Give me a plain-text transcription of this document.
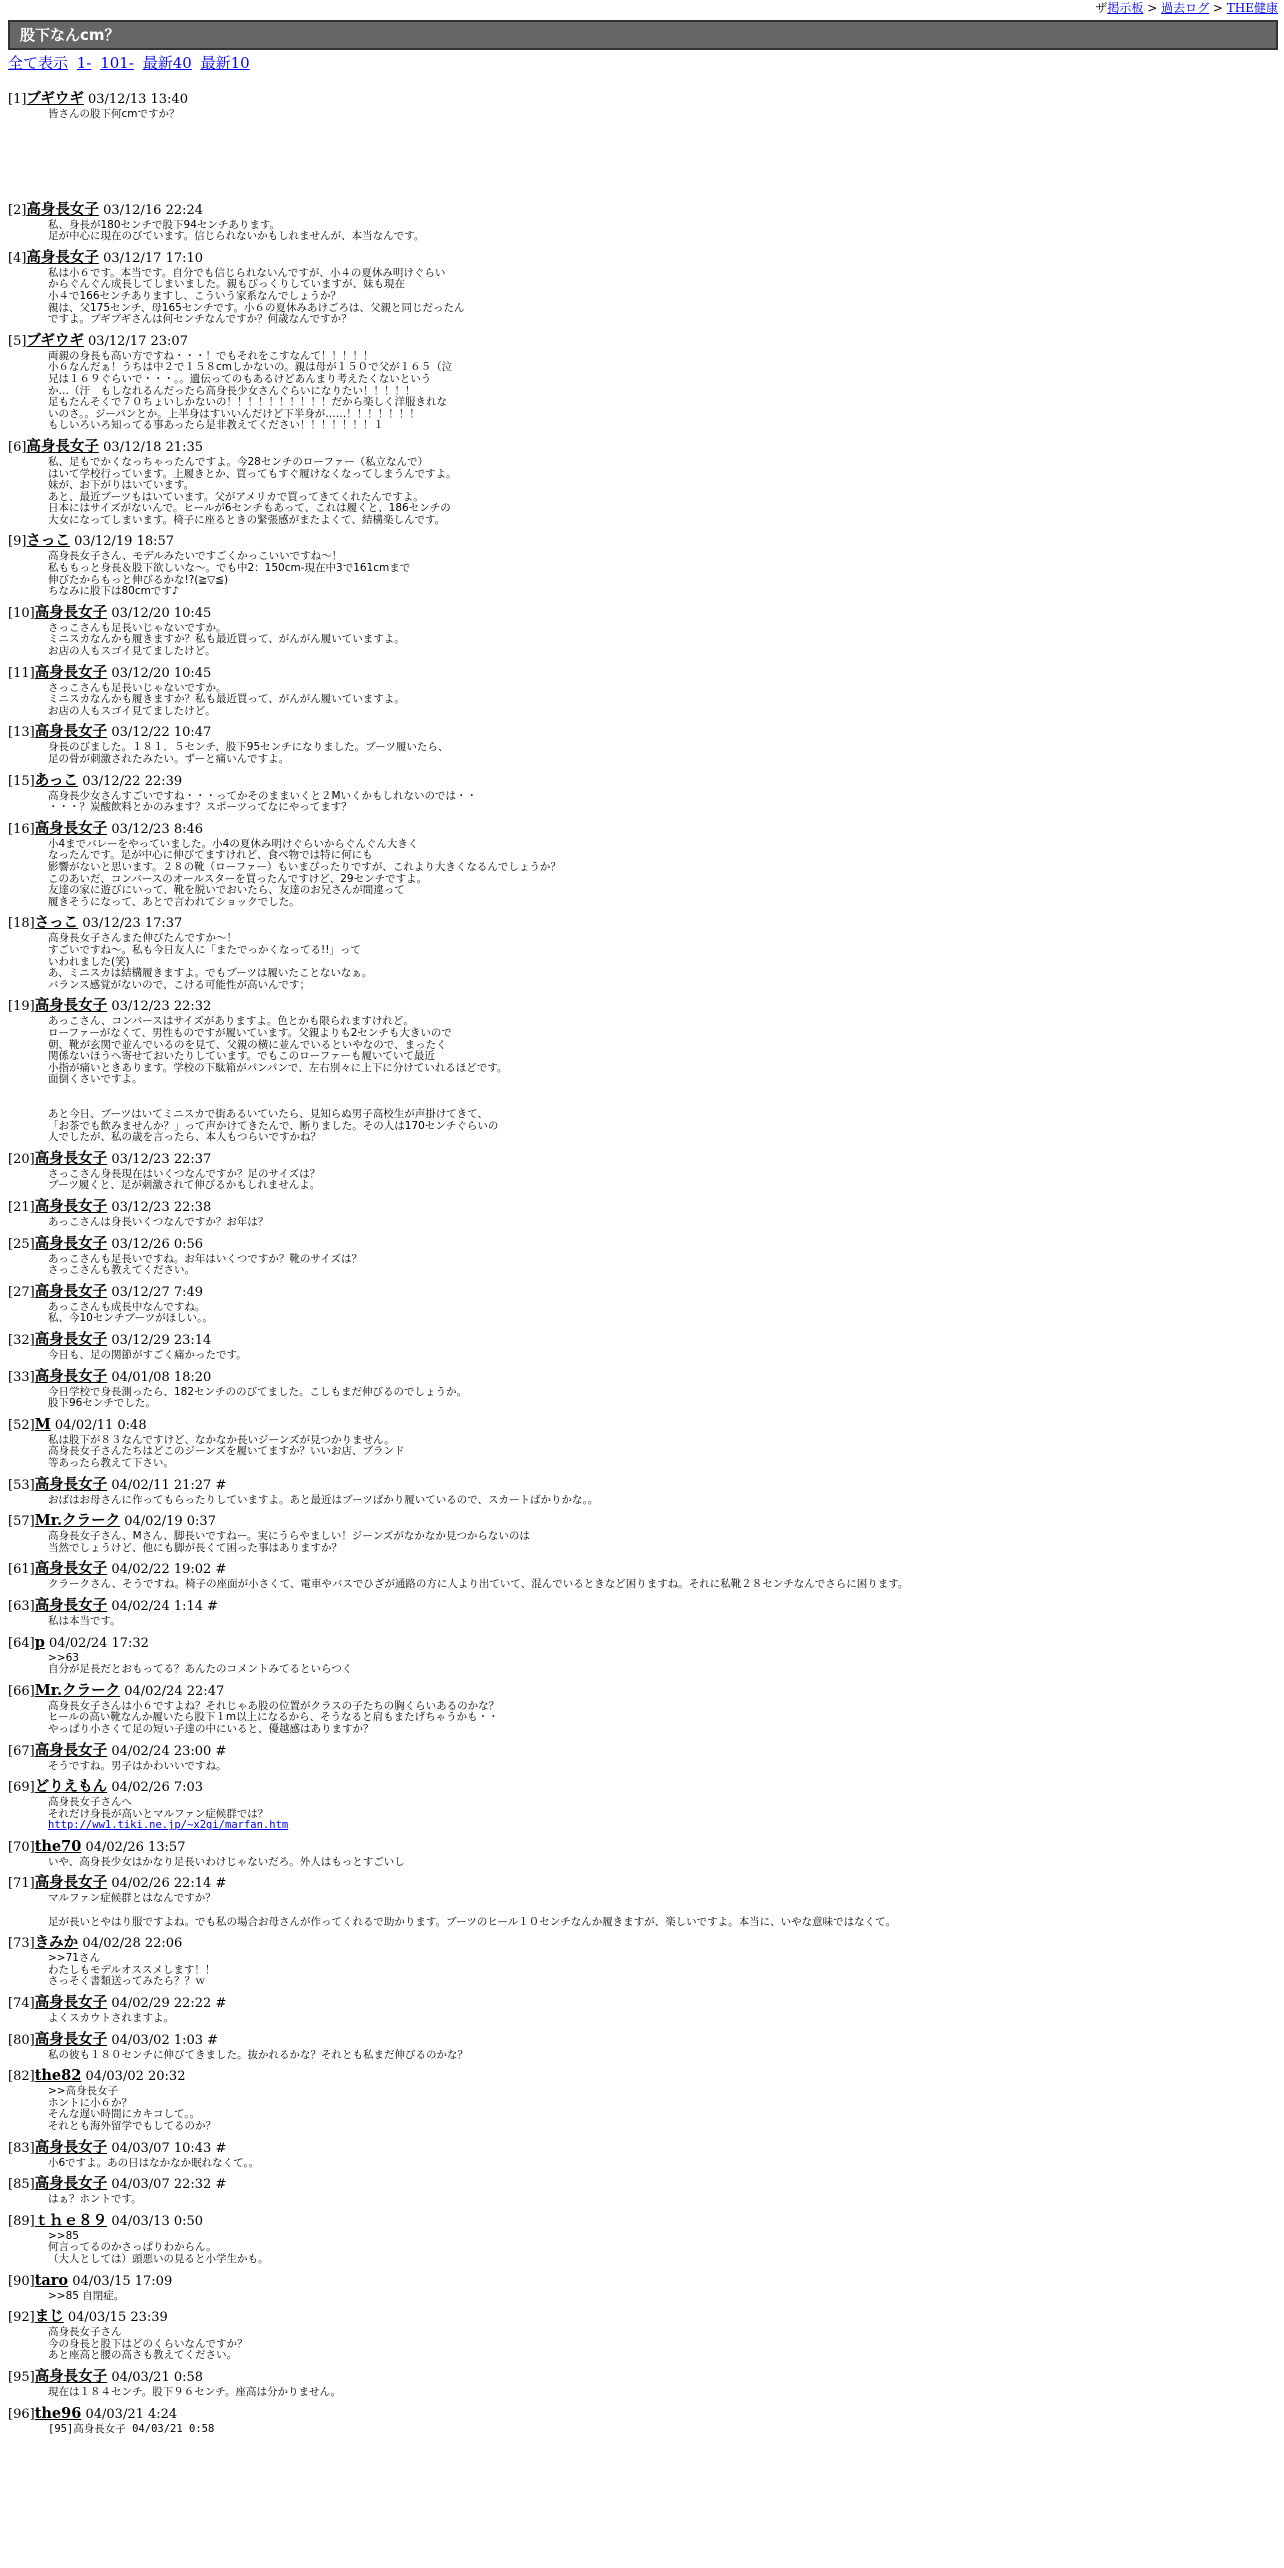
ザ掲示板 > 過去ログ > THE健康
股下なんcm？
全て表示 1- 101- 最新40 最新10
[1]ブギウギ 03/12/13 13:40
皆さんの股下何cmですか？
[2]高身長女子 03/12/16 22:24
私、身長が180センチで股下94センチあります。
足が中心に現在のびています。信じられないかもしれませんが、本当なんです。
[4]高身長女子 03/12/17 17:10
私は小６です。本当です。自分でも信じられないんですが、小４の夏休み明けぐらい
からぐんぐん成長してしまいました。親もびっくりしていますが、妹も現在
小４で166センチありますし、こういう家系なんでしょうか？
親は、父175センチ、母165センチです。小６の夏休みあけごろは、父親と同じだったん
ですよ。ブギブギさんは何センチなんですか？何歳なんですか？
[5]ブギウギ 03/12/17 23:07
両親の身長も高い方ですね・・・！でもそれをこすなんて！！！！！
小６なんだぁ！うちは中２で１５８cmしかないの。親は母が１５０で父が１６５（泣
兄は１６９ぐらいで・・・。。遺伝ってのもあるけどあんまり考えたくないという
か…（汗　もしなれるんだったら高身長少女さんぐらいになりたい！！！！！
足もたんそくで７０ちょいしかないの！！！！！！！！！！だから楽しく洋服きれな
いのさ。。ジーパンとか。上半身はすいいんだけど下半身が……！！！！！！！
もしいろいろ知ってる事あったら是非教えてください！！！！！！！１
[6]高身長女子 03/12/18 21:35
私、足もでかくなっちゃったんですよ。今28センチのローファー（私立なんで）
はいて学校行っています。上履きとか、買ってもすぐ履けなくなってしまうんですよ。
妹が、お下がりはいています。
あと、最近ブーツもはいています。父がアメリカで買ってきてくれたんですよ。
日本にはサイズがないんで。ヒールが6センチもあって、これは履くと、186センチの
大女になってしまいます。椅子に座るときの緊張感がまたよくて、結構楽しんです。
[9]さっこ 03/12/19 18:57
高身長女子さん、モデルみたいですごくかっこいいですね～！
私ももっと身長＆股下欲しいな～。でも中2：150cm-現在中3で161cmまで
伸びたからもっと伸びるかな!?(≧▽≦)
ちなみに股下は80cmです♪
[10]高身長女子 03/12/20 10:45
さっこさんも足長いじゃないですか。
ミニスカなんかも履きますか？私も最近買って、がんがん履いていますよ。
お店の人もスゴイ見てましたけど。
[11]高身長女子 03/12/20 10:45
さっこさんも足長いじゃないですか。
ミニスカなんかも履きますか？私も最近買って、がんがん履いていますよ。
お店の人もスゴイ見てましたけど。
[13]高身長女子 03/12/22 10:47
身長のびました。１８１．５センチ、股下95センチになりました。ブーツ履いたら、
足の骨が刺激されたみたい。ずーと痛いんですよ。
[15]あっこ 03/12/22 22:39
高身長少女さんすごいですね・・・ってかそのままいくと２Mいくかもしれないのでは・・
・・・？炭酸飲料とかのみます？スポーツってなにやってます？
[16]高身長女子 03/12/23 8:46
小4までバレーをやっていました。小4の夏休み明けぐらいからぐんぐん大きく
なったんです。足が中心に伸びてますけれど、食べ物では特に何にも
影響がないと思います。２８の靴（ローファー）もいまぴったりですが、これより大きくなるんでしょうか？
このあいだ、コンバースのオールスターを買ったんですけど、29センチですよ。
友達の家に遊びにいって、靴を脱いでおいたら、友達のお兄さんが間違って
履きそうになって、あとで言われてショックでした。
[18]さっこ 03/12/23 17:37
高身長女子さんまた伸びたんですか～！
すごいですね～。私も今日友人に「またでっかくなってる!!」って
いわれました(笑)
あ、ミニスカは結構履きますよ。でもブーツは履いたことないなぁ。
バランス感覚がないので、こける可能性が高いんです；
[19]高身長女子 03/12/23 22:32
あっこさん、コンバースはサイズがありますよ。色とかも限られますけれど。
ローファーがなくて、男性ものですが履いています。父親よりも2センチも大きいので
朝、靴が玄関で並んでいるのを見て、父親の横に並んでいるといやなので、まったく
関係ないほうへ寄せておいたりしています。でもこのローファーも履いていて最近
小指が痛いときあります。学校の下駄箱がパンパンで、左右別々に上下に分けていれるほどです。
面倒くさいですよ。

あと今日、ブーツはいてミニスカで街あるいていたら、見知らぬ男子高校生が声掛けてきて、
「お茶でも飲みませんか？」って声かけてきたんで、断りました。その人は170センチぐらいの
人でしたが、私の歳を言ったら、本人もつらいですかね？
[20]高身長女子 03/12/23 22:37
さっこさん身長現在はいくつなんですか？足のサイズは？
ブーツ履くと、足が刺激されて伸びるかもしれませんよ。
[21]高身長女子 03/12/23 22:38
あっこさんは身長いくつなんですか？お年は？
[25]高身長女子 03/12/26 0:56
あっこさんも足長いですね。お年はいくつですか？靴のサイズは？
さっこさんも教えてください。
[27]高身長女子 03/12/27 7:49
あっこさんも成長中なんですね。
私、今10センチブーツがほしい。。
[32]高身長女子 03/12/29 23:14
今日も、足の関節がすごく痛かったです。
[33]高身長女子 04/01/08 18:20
今日学校で身長測ったら、182センチののびてました。こしもまだ伸びるのでしょうか。
股下96センチでした。
[52]M 04/02/11 0:48
私は股下が８３なんですけど、なかなか長いジーンズが見つかりません。
高身長女子さんたちはどこのジーンズを履いてますか？いいお店、ブランド
等あったら教えて下さい。
[53]高身長女子 04/02/11 21:27 #
おばはお母さんに作ってもらったりしていますよ。あと最近はブーツばかり履いているので、スカートばかりかな。。
[57]Mr.クラーク 04/02/19 0:37
高身長女子さん、Mさん、脚長いですねー。実にうらやましい！ジーンズがなかなか見つからないのは
当然でしょうけど、他にも脚が長くて困った事はありますか？
[61]高身長女子 04/02/22 19:02 #
クラークさん、そうですね。椅子の座面が小さくて、電車やバスでひざが通路の方に人より出ていて、混んでいるときなど困りますね。それに私靴２８センチなんでさらに困ります。
[63]高身長女子 04/02/24 1:14 #
私は本当です。
[64]p 04/02/24 17:32
>>63
自分が足長だとおもってる？あんたのコメントみてるといらつく
[66]Mr.クラーク 04/02/24 22:47
高身長女子さんは小６ですよね？それじゃあ股の位置がクラスの子たちの胸くらいあるのかな？
ヒールの高い靴なんか履いたら股下１m以上になるから、そうなると肩もまたげちゃうかも・・
やっぱり小さくて足の短い子達の中にいると、優越感はありますか？
[67]高身長女子 04/02/24 23:00 #
そうですね。男子はかわいいですね。
[69]どりえもん 04/02/26 7:03
高身長女子さんへ
それだけ身長が高いとマルファン症候群では？
http://ww1.tiki.ne.jp/~x2gi/marfan.htm
[70]the70 04/02/26 13:57
いや、高身長少女はかなり足長いわけじゃないだろ。外人はもっとすごいし
[71]高身長女子 04/02/26 22:14 #
マルファン症候群とはなんですか？

足が長いとやはり服ですよね。でも私の場合お母さんが作ってくれるで助かります。ブーツのヒール１０センチなんか履きますが、楽しいですよ。本当に、いやな意味ではなくて。
[73]きみか 04/02/28 22:06
>>71さん
わたしもモデルオススメします！！
さっそく書類送ってみたら？？ｗ
[74]高身長女子 04/02/29 22:22 #
よくスカウトされますよ。
[80]高身長女子 04/03/02 1:03 #
私の彼も１８０センチに伸びてきました。抜かれるかな？それとも私まだ伸びるのかな？
[82]the82 04/03/02 20:32
>>高身長女子
ホントに小６か？
そんな遅い時間にカキコして。。
それとも海外留学でもしてるのか？
[83]高身長女子 04/03/07 10:43 #
小6ですよ。あの日はなかなか眠れなくて。。
[85]高身長女子 04/03/07 22:32 #
はぁ？ホントです。
[89]ｔｈｅ８９ 04/03/13 0:50
>>85
何言ってるのかさっぱりわからん。
（大人としては）頭悪いの見ると小学生かも。
[90]taro 04/03/15 17:09
>>85 自閉症。
[92]まじ 04/03/15 23:39
高身長女子さん
今の身長と股下はどのくらいなんですか？
あと座高と腰の高さも教えてください。
[95]高身長女子 04/03/21 0:58
現在は１８４センチ。股下９６センチ。座高は分かりません。
[96]the96 04/03/21 4:24
[95]高身長女子 04/03/21 0:58
